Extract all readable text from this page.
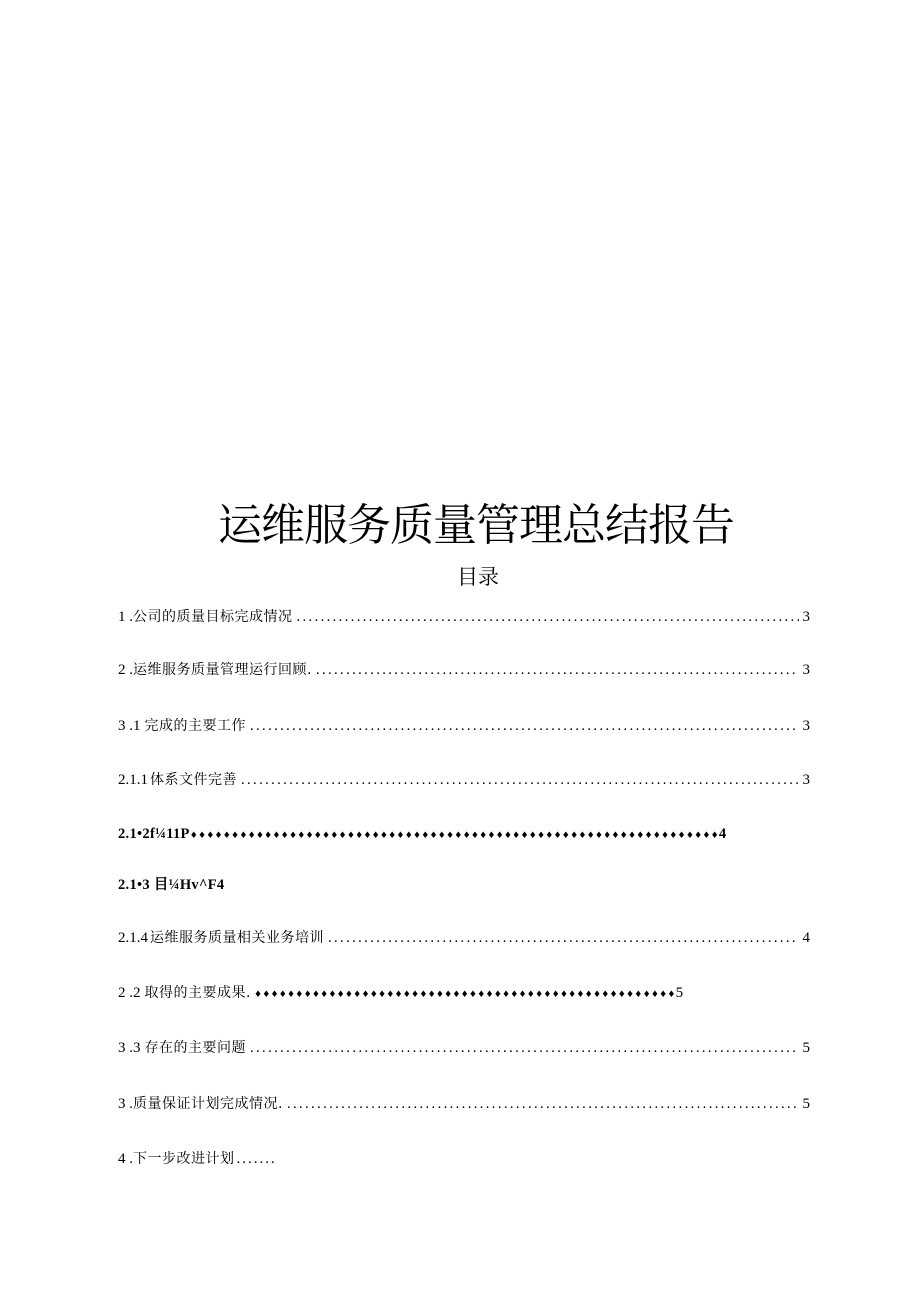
运维服务质量管理总结报告
目录
1 . 公司的质量目标完成情况 .....	3
2 . 运维服务质量管理运行回顾. .....	3
3 .1 完成的主要工作 .....	3
2.1.1 体系文件完善 .....	3
2.1•2f¼11P ♦♦♦♦♦♦♦♦♦♦♦♦♦♦♦♦♦♦♦♦♦♦♦♦♦♦♦♦♦♦♦♦♦♦♦♦♦♦♦♦♦♦♦♦♦♦♦♦♦♦♦♦♦♦♦♦♦♦♦♦♦♦♦♦ 4
2.1•3 目¼Hv^F4
2.1.4 运维服务质量相关业务培训 .....	4
2 .2 取得的主要成果. ♦♦♦♦♦♦♦♦♦♦♦♦♦♦♦♦♦♦♦♦♦♦♦♦♦♦♦♦♦♦♦♦♦♦♦♦♦♦♦♦♦♦♦♦♦♦♦♦♦♦♦ 5
3 .3 存在的主要问题 .....	5
3 . 质量保证计划完成情况. .....	5
4 . 下一步改进计划 .......
